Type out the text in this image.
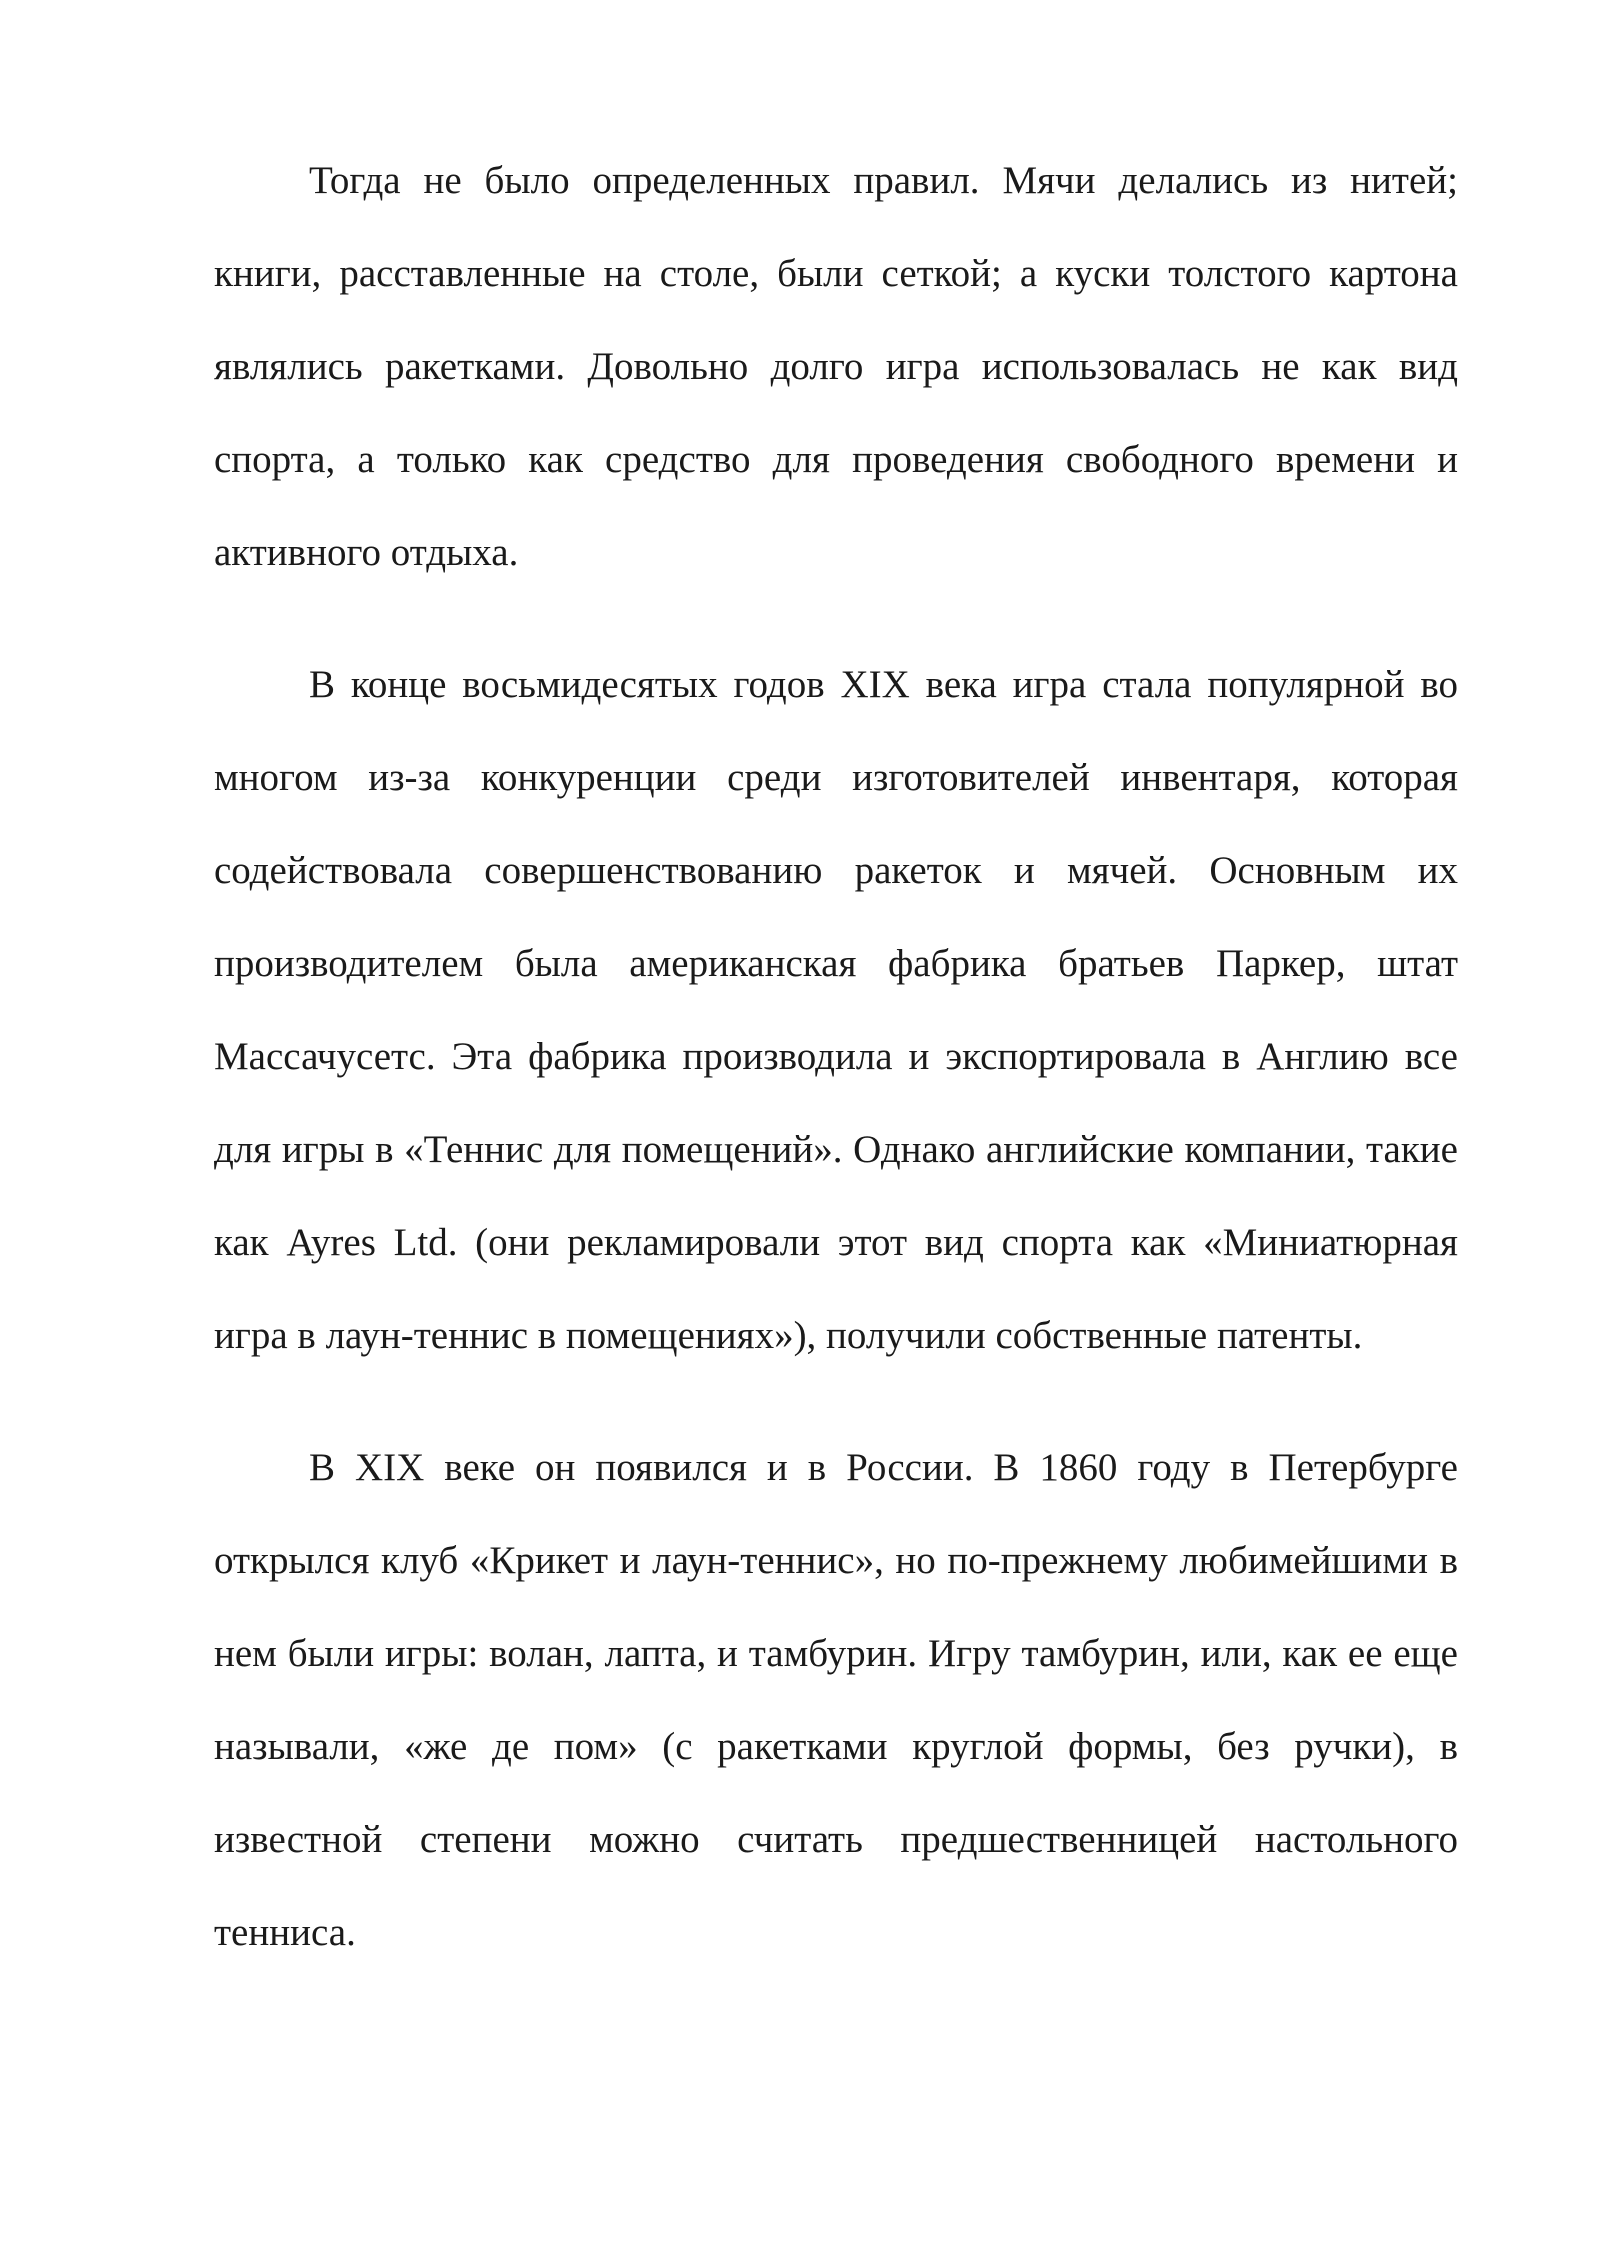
Тогда не было определенных правил. Мячи делались из нитей; книги, расставленные на столе, были сеткой; а куски толстого картона являлись ракетками. Довольно долго игра использовалась не как вид спорта, а только как средство для проведения свободного времени и активного отдыха.

В конце восьмидесятых годов XIX века игра стала популярной во многом из-за конкуренции среди изготовителей инвентаря, которая содействовала совершенствованию ракеток и мячей. Основным их производителем была американская фабрика братьев Паркер, штат Массачусетс. Эта фабрика производила и экспортировала в Англию все для игры в «Теннис для помещений». Однако английские компании, такие как Ayres Ltd. (они рекламировали этот вид спорта как «Миниатюрная игра в лаун-теннис в помещениях»), получили собственные патенты.

В XIX веке он появился и в России. В 1860 году в Петербурге открылся клуб «Крикет и лаун-теннис», но по-прежнему любимейшими в нем были игры: волан, лапта, и тамбурин. Игру тамбурин, или, как ее еще называли, «же де пом» (с ракетками круглой формы, без ручки), в известной степени можно считать предшественницей настольного тенниса.
